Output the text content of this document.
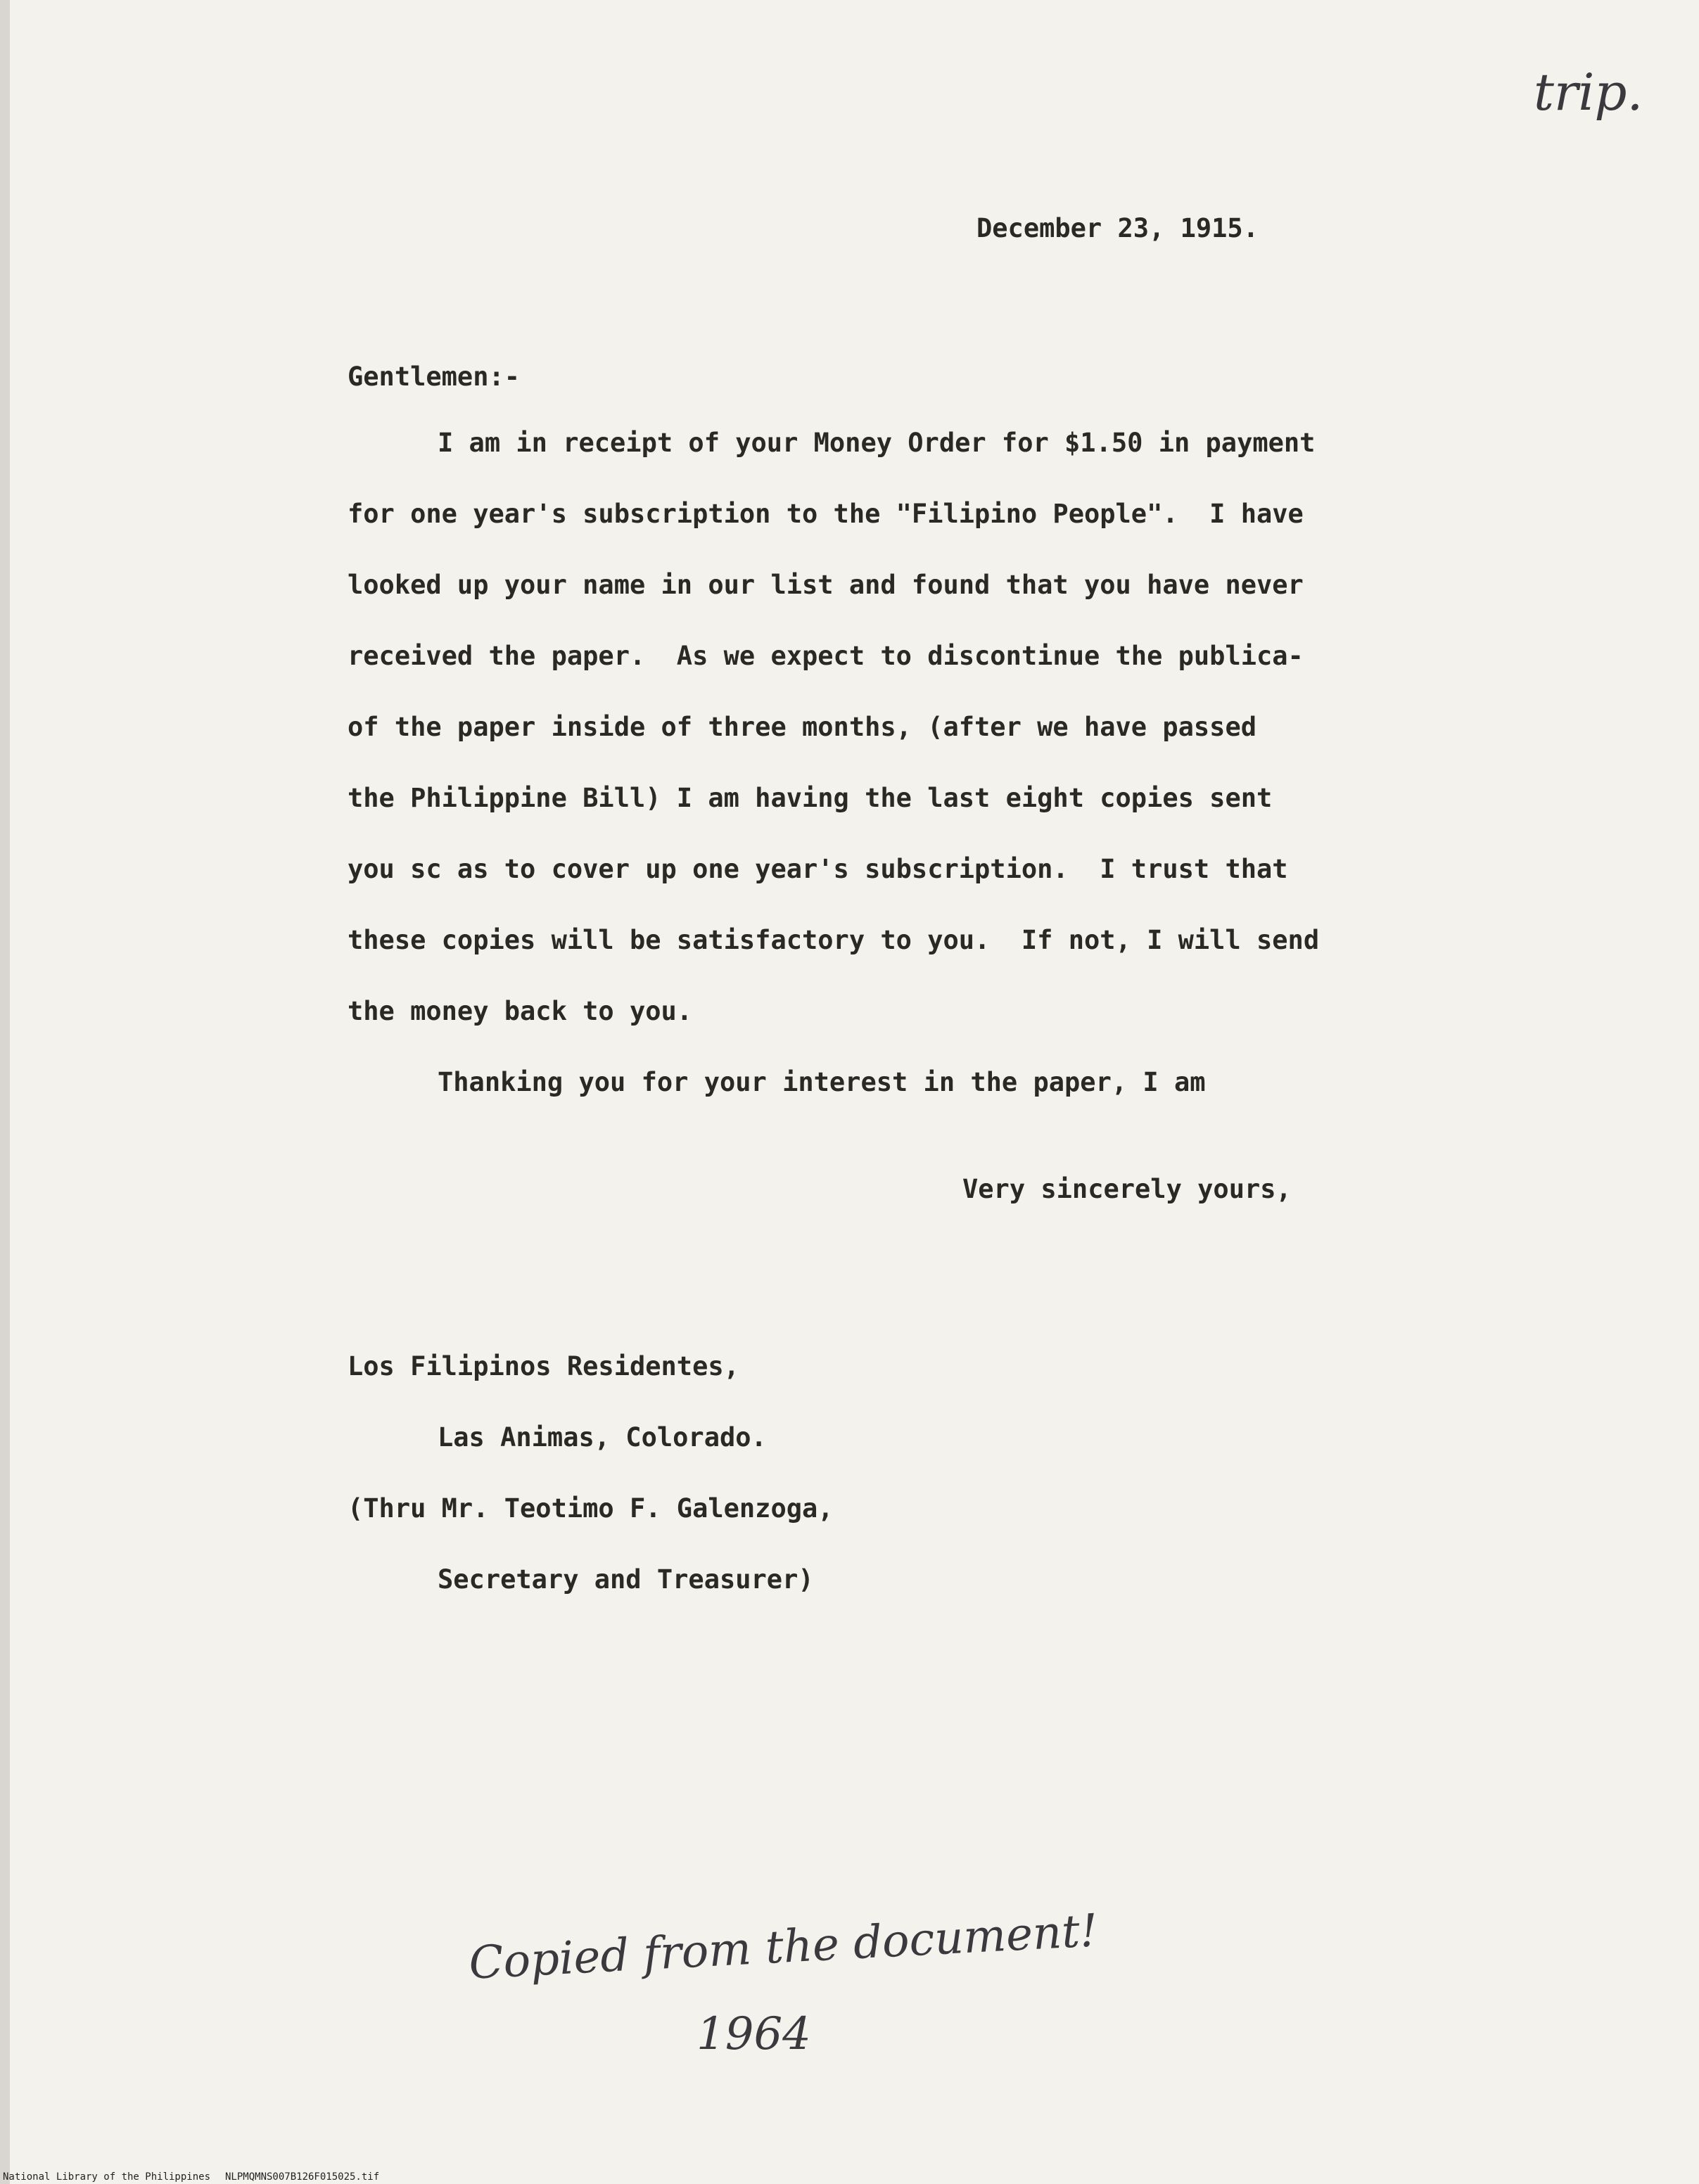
trip.
December 23, 1915.
Gentlemen:-
I am in receipt of your Money Order for $1.50 in payment
for one year's subscription to the "Filipino People".  I have
looked up your name in our list and found that you have never
received the paper.  As we expect to discontinue the publica-
of the paper inside of three months, (after we have passed
the Philippine Bill) I am having the last eight copies sent
you sc as to cover up one year's subscription.  I trust that
these copies will be satisfactory to you.  If not, I will send
the money back to you.
Thanking you for your interest in the paper, I am
Very sincerely yours,
Los Filipinos Residentes,
Las Animas, Colorado.
(Thru Mr. Teotimo F. Galenzoga,
Secretary and Treasurer)
Copied from the document!
1964
National Library of the Philippines NLPMQMNS007B126F015025.tif
